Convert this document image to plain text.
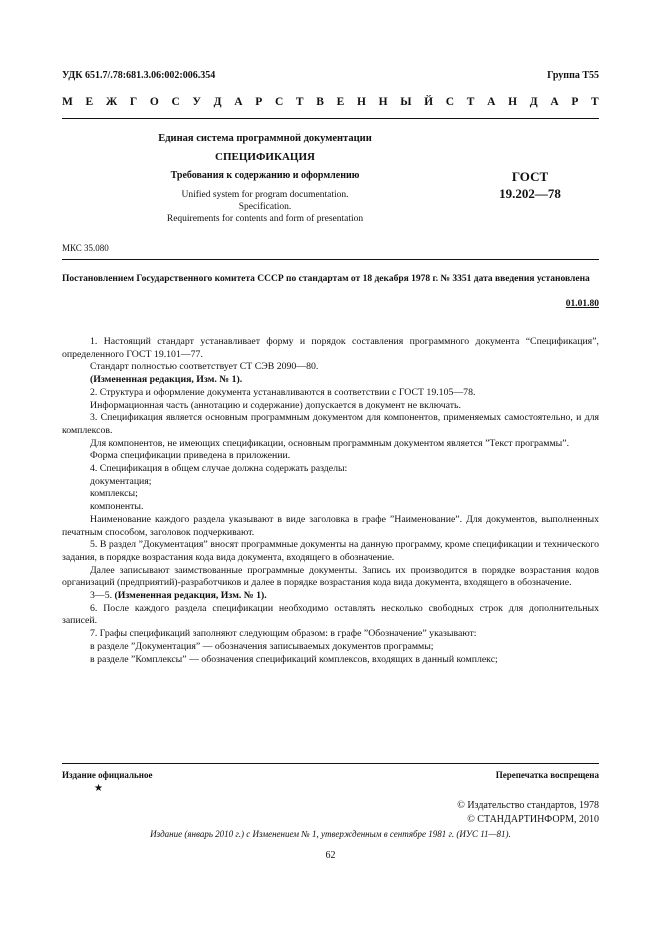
УДК 651.7/.78:681.3.06:002:006.354	Группа Т55
М Е Ж Г О С У Д А Р С Т В Е Н Н Ы Й С Т А Н Д А Р Т
Единая система программной документации
СПЕЦИФИКАЦИЯ
Требования к содержанию и оформлению
Unified system for program documentation.
Specification.
Requirements for contents and form of presentation
ГОСТ
19.202—78
МКС 35.080
Постановлением Государственного комитета СССР по стандартам от 18 декабря 1978 г. № 3351 дата введения установлена
01.01.80

1. Настоящий стандарт устанавливает форму и порядок составления программного документа “Спецификация”, определенного ГОСТ 19.101—77.

Стандарт полностью соответствует СТ СЭВ 2090—80.

(Измененная редакция, Изм. № 1).

2. Структура и оформление документа устанавливаются в соответствии с ГОСТ 19.105—78.

Информационная часть (аннотацию и содержание) допускается в документ не включать.

3. Спецификация является основным программным документом для компонентов, применяемых самостоятельно, и для комплексов.

Для компонентов, не имеющих спецификации, основным программным документом является ”Текст программы”.

Форма спецификации приведена в приложении.

4. Спецификация в общем случае должна содержать разделы:

документация;

комплексы;

компоненты.

Наименование каждого раздела указывают в виде заголовка в графе ”Наименование”. Для документов, выполненных печатным способом, заголовок подчеркивают.

5. В раздел ”Документация” вносят программные документы на данную программу, кроме спецификации и технического задания, в порядке возрастания кода вида документа, входящего в обозначение.

Далее записывают заимствованные программные документы. Запись их производится в порядке возрастания кодов организаций (предприятий)-разработчиков и далее в порядке возрастания кода вида документа, входящего в обозначение.

3—5. (Измененная редакция, Изм. № 1).

6. После каждого раздела спецификации необходимо оставлять несколько свободных строк для дополнительных записей.

7. Графы спецификаций заполняют следующим образом: в графе ”Обозначение” указывают:

в разделе ”Документация” — обозначения записываемых документов программы;

в разделе ”Комплексы” — обозначения спецификаций комплексов, входящих в данный комплекс;

Издание официальное
★
Перепечатка воспрещена
© Издательство стандартов, 1978
© СТАНДАРТИНФОРМ, 2010
Издание (январь 2010 г.) с Изменением № 1, утвержденным в сентябре 1981 г. (ИУС 11—81).
62
